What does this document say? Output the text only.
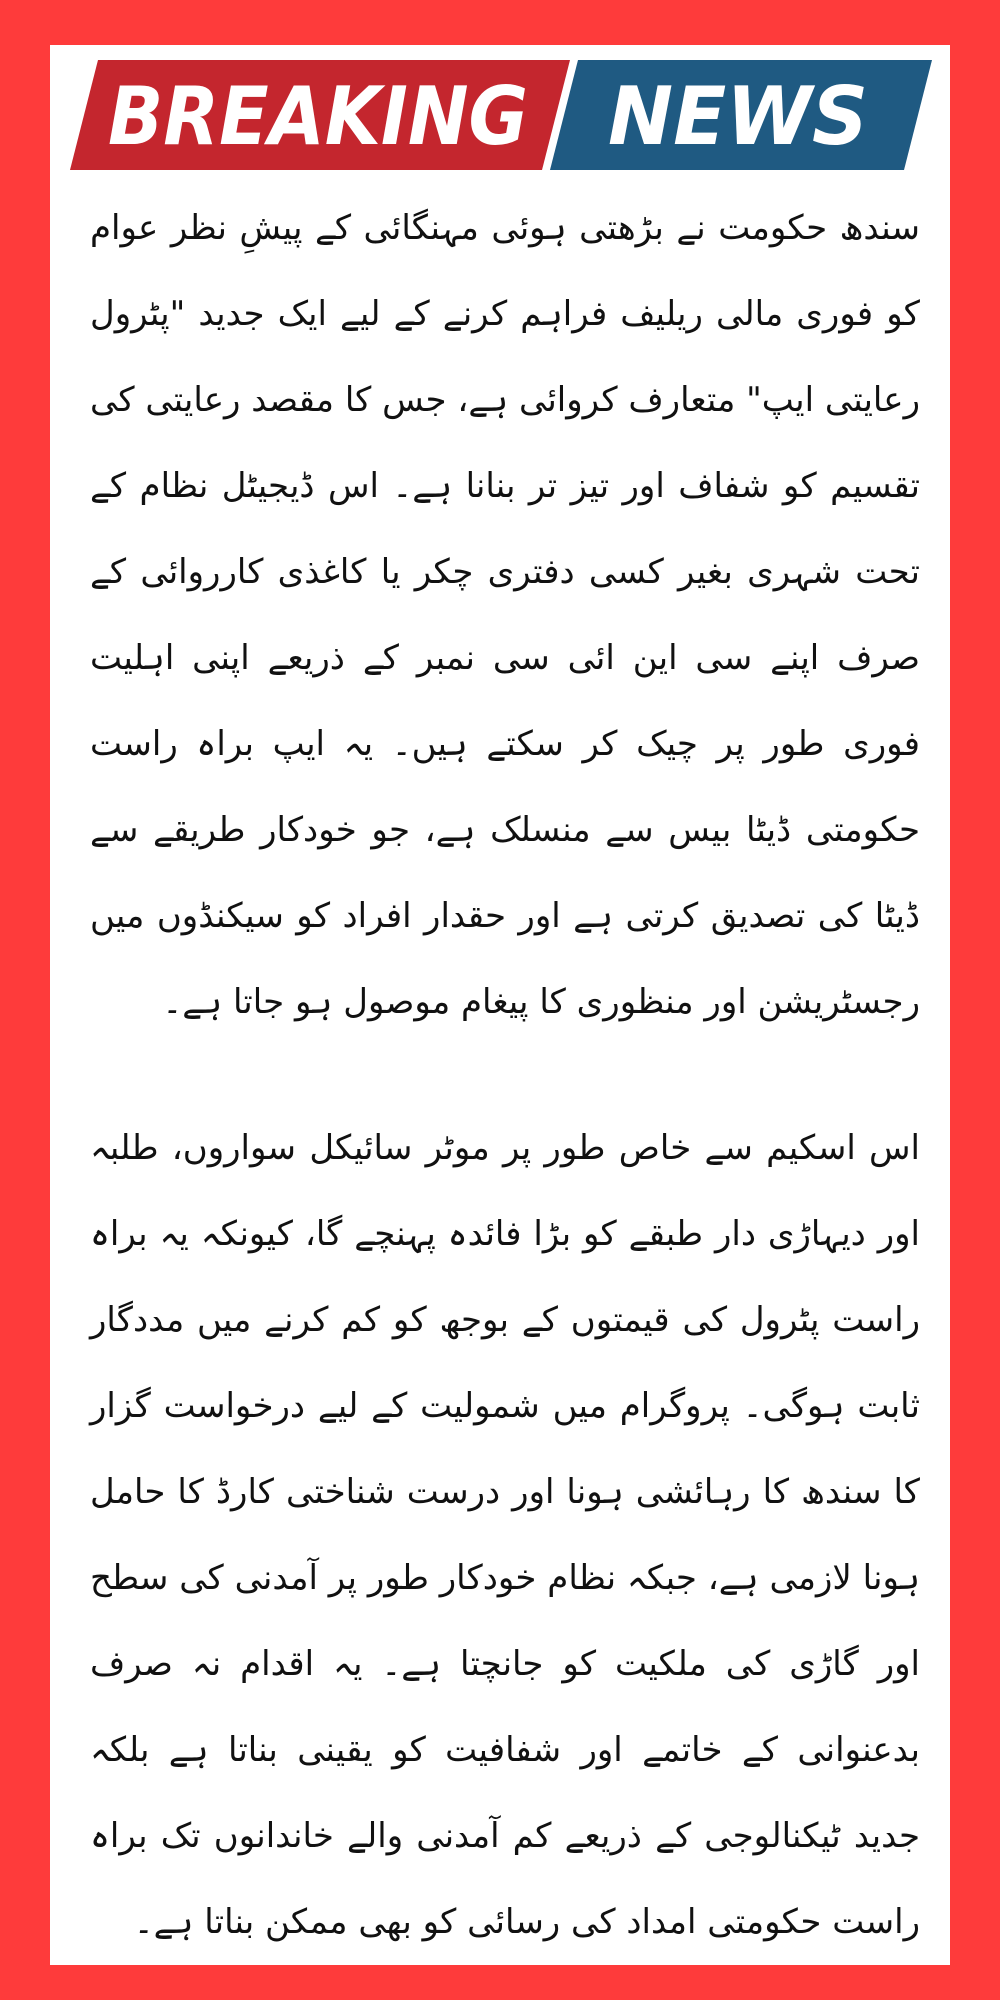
BREAKING NEWS

سندھ حکومت نے بڑھتی ہوئی مہنگائی کے پیشِ نظر عوام کو فوری مالی ریلیف فراہم کرنے کے لیے ایک جدید "پٹرول رعایتی ایپ" متعارف کروائی ہے، جس کا مقصد رعایتی کی تقسیم کو شفاف اور تیز تر بنانا ہے۔ اس ڈیجیٹل نظام کے تحت شہری بغیر کسی دفتری چکر یا کاغذی کارروائی کے صرف اپنے سی این ائی سی نمبر کے ذریعے اپنی اہلیت فوری طور پر چیک کر سکتے ہیں۔ یہ ایپ براہ راست حکومتی ڈیٹا بیس سے منسلک ہے، جو خودکار طریقے سے ڈیٹا کی تصدیق کرتی ہے اور حقدار افراد کو سیکنڈوں میں رجسٹریشن اور منظوری کا پیغام موصول ہو جاتا ہے۔

اس اسکیم سے خاص طور پر موٹر سائیکل سواروں، طلبہ اور دیہاڑی دار طبقے کو بڑا فائدہ پہنچے گا، کیونکہ یہ براہ راست پٹرول کی قیمتوں کے بوجھ کو کم کرنے میں مددگار ثابت ہوگی۔ پروگرام میں شمولیت کے لیے درخواست گزار کا سندھ کا رہائشی ہونا اور درست شناختی کارڈ کا حامل ہونا لازمی ہے، جبکہ نظام خودکار طور پر آمدنی کی سطح اور گاڑی کی ملکیت کو جانچتا ہے۔ یہ اقدام نہ صرف بدعنوانی کے خاتمے اور شفافیت کو یقینی بناتا ہے بلکہ جدید ٹیکنالوجی کے ذریعے کم آمدنی والے خاندانوں تک براہ راست حکومتی امداد کی رسائی کو بھی ممکن بناتا ہے۔
